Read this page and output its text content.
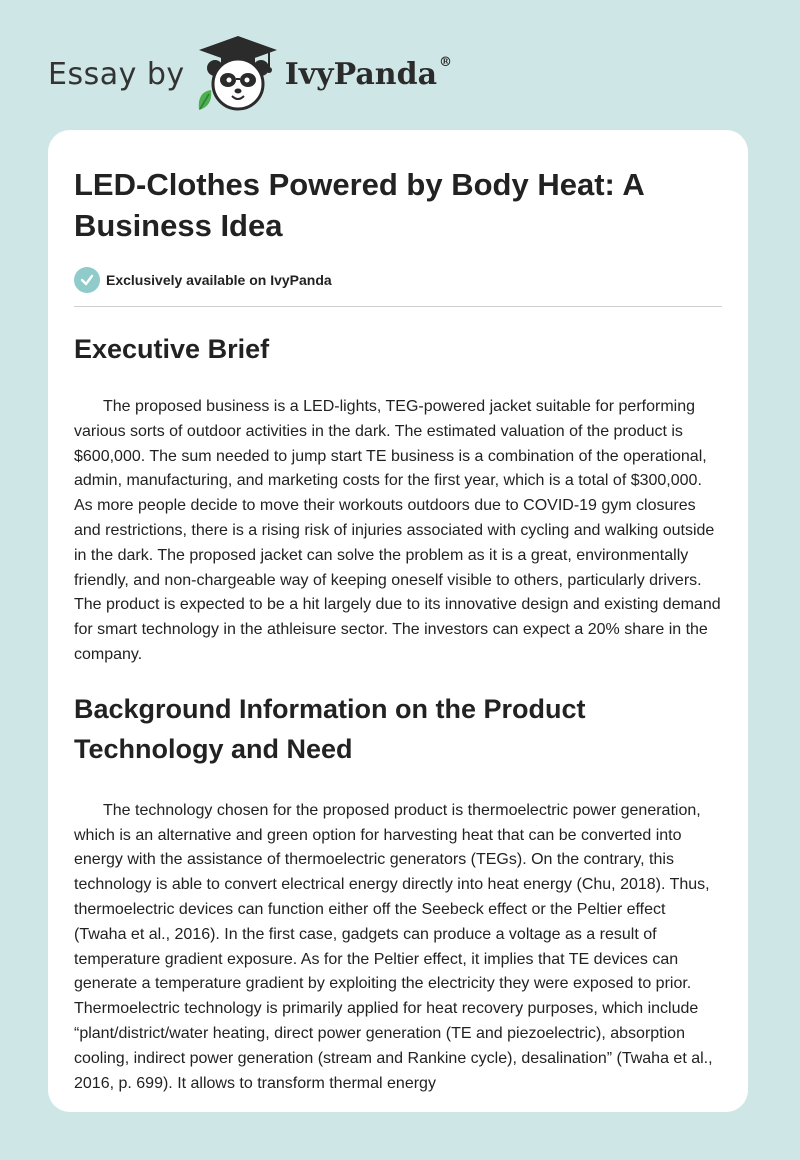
Essay by	IvyPanda ®
LED-Clothes Powered by Body Heat: A Business Idea
Exclusively available on IvyPanda
Executive Brief

The proposed business is a LED-lights, TEG-powered jacket suitable for performing various sorts of outdoor activities in the dark. The estimated valuation of the product is $600,000. The sum needed to jump start TE business is a combination of the operational, admin, manufacturing, and marketing costs for the first year, which is a total of $300,000. As more people decide to move their workouts outdoors due to COVID-19 gym closures and restrictions, there is a rising risk of injuries associated with cycling and walking outside in the dark. The proposed jacket can solve the problem as it is a great, environmentally friendly, and non-chargeable way of keeping oneself visible to others, particularly drivers. The product is expected to be a hit largely due to its innovative design and existing demand for smart technology in the athleisure sector. The investors can expect a 20% share in the company.

Background Information on the Product Technology and Need

The technology chosen for the proposed product is thermoelectric power generation, which is an alternative and green option for harvesting heat that can be converted into energy with the assistance of thermoelectric generators (TEGs). On the contrary, this technology is able to convert electrical energy directly into heat energy (Chu, 2018). Thus, thermoelectric devices can function either off the Seebeck effect or the Peltier effect (Twaha et al., 2016). In the first case, gadgets can produce a voltage as a result of temperature gradient exposure. As for the Peltier effect, it implies that TE devices can generate a temperature gradient by exploiting the electricity they were exposed to prior. Thermoelectric technology is primarily applied for heat recovery purposes, which include “plant/district/water heating, direct power generation (TE and piezoelectric), absorption cooling, indirect power generation (stream and Rankine cycle), desalination” (Twaha et al., 2016, p. 699). It allows to transform thermal energy
